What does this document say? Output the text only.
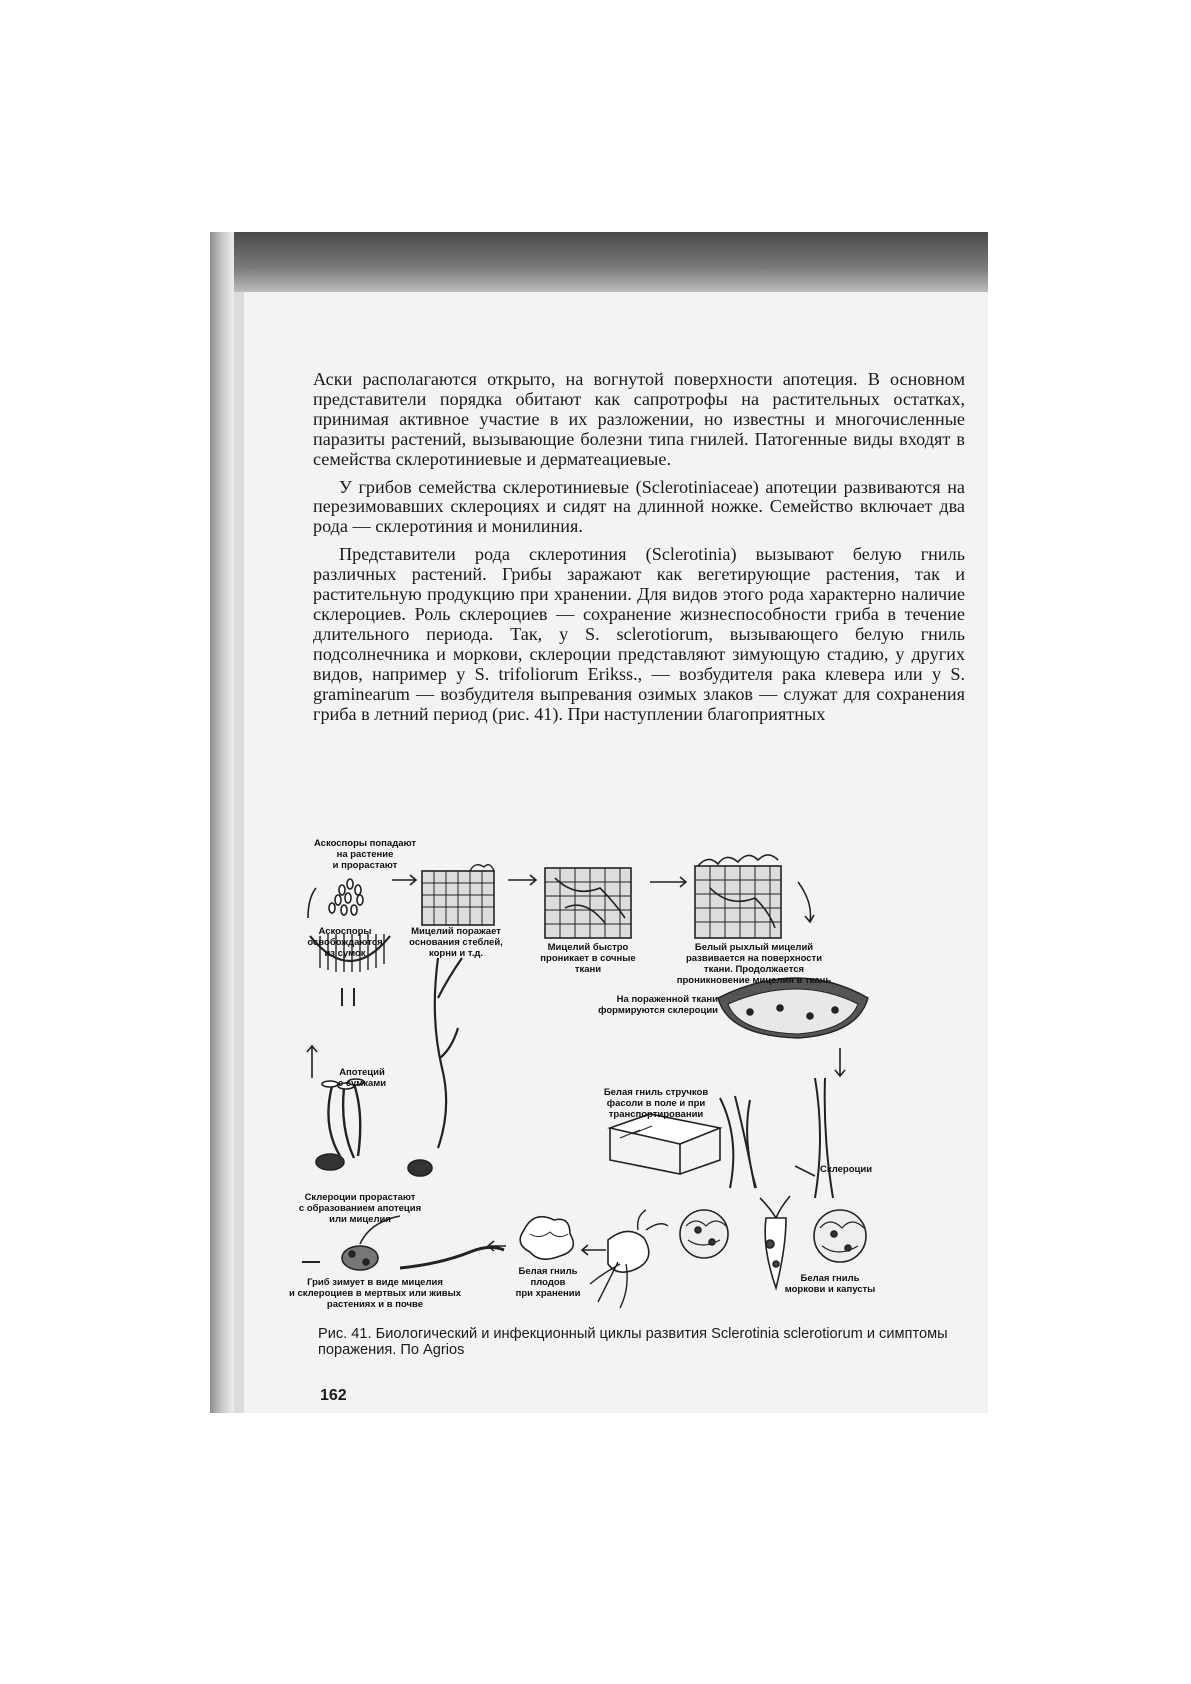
Аски располагаются открыто, на вогнутой поверхности апотеция. В основном представители порядка обитают как сапротрофы на растительных остатках, принимая активное участие в их разложении, но известны и многочисленные паразиты растений, вызывающие болезни типа гнилей. Патогенные виды входят в семейства склеротиниевые и дерматеациевые.

У грибов семейства склеротиниевые (Sclerotiniaceae) апотеции развиваются на перезимовавших склероциях и сидят на длинной ножке. Семейство включает два рода — склеротиния и монилиния.

Представители рода склеротиния (Sclerotinia) вызывают белую гниль различных растений. Грибы заражают как вегетирующие растения, так и растительную продукцию при хранении. Для видов этого рода характерно наличие склероциев. Роль склероциев — сохранение жизнеспособности гриба в течение длительного периода. Так, у S. sclerotiorum, вызывающего белую гниль подсолнечника и моркови, склероции представляют зимующую стадию, у других видов, например у S. trifoliorum Erikss., — возбудителя рака клевера или у S. graminearum — возбудителя выпревания озимых злаков — служат для сохранения гриба в летний период (рис. 41). При наступлении благоприятных

Аскоспоры попадают
на растение
и прорастают
Мицелий поражает
основания стеблей,
корни и т.д.
Мицелий быстро
проникает в сочные
ткани
Белый рыхлый мицелий
развивается на поверхности
ткани. Продолжается
проникновение мицелия в ткань
Аскоспоры
освобождаются
из сумок
На пораженной ткани
формируются склероции
Апотеций
с сумками
Белая гниль стручков
фасоли в поле и при
транспортировании
Склероции
Склероции прорастают
с образованием апотеция
или мицелия
Гриб зимует в виде мицелия
и склероциев в мертвых или живых
растениях и в почве
Белая гниль
плодов
при хранении
Белая гниль
моркови и капусты
Рис. 41. Биологический и инфекционный циклы развития Sclerotinia sclerotiorum и симптомы поражения. По Agrios
162
